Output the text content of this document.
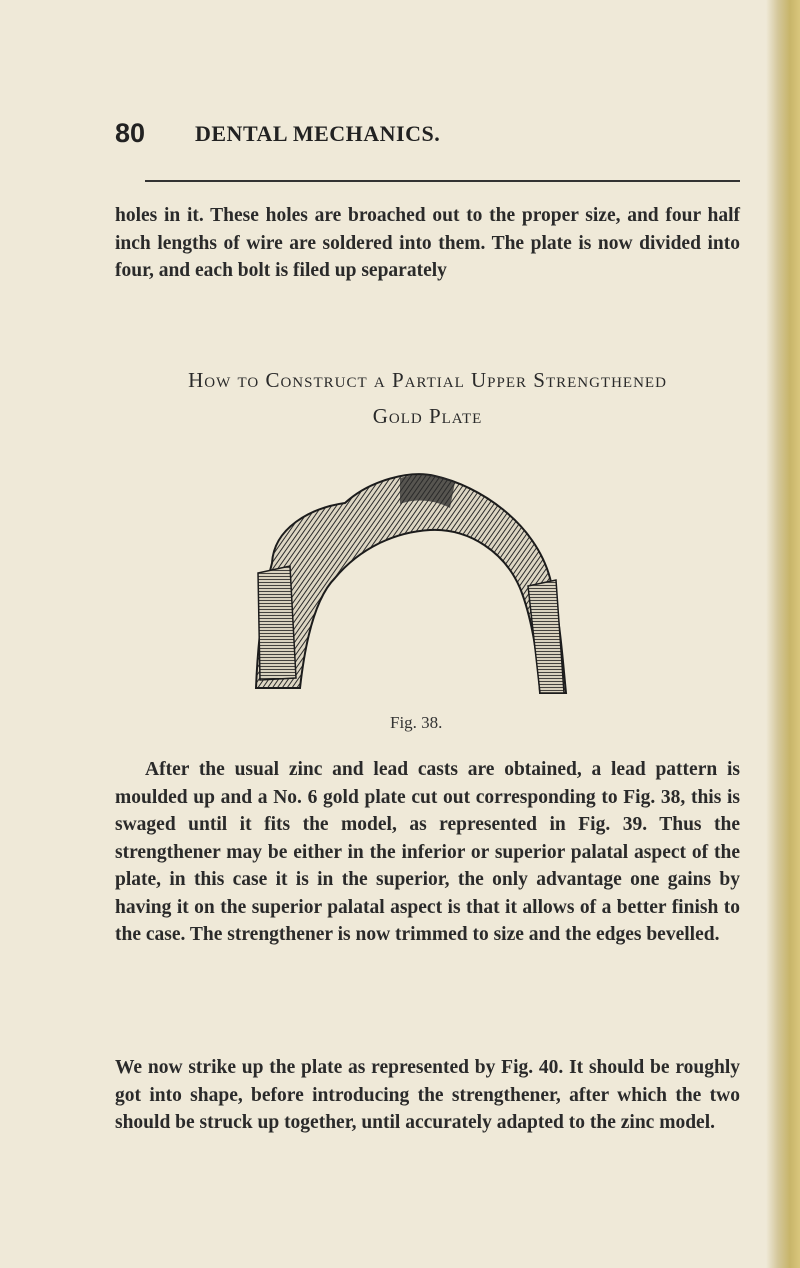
80 DENTAL MECHANICS.
holes in it. These holes are broached out to the proper size, and four half inch lengths of wire are soldered into them. The plate is now divided into four, and each bolt is filed up separately
How to Construct a Partial Upper Strengthened
Gold Plate
Fig. 38.
After the usual zinc and lead casts are obtained, a lead pattern is moulded up and a No. 6 gold plate cut out corresponding to Fig. 38, this is swaged until it fits the model, as represented in Fig. 39. Thus the strengthener may be either in the inferior or superior palatal aspect of the plate, in this case it is in the superior, the only advantage one gains by having it on the superior palatal aspect is that it allows of a better finish to the case. The strengthener is now trimmed to size and the edges bevelled.
We now strike up the plate as represented by Fig. 40. It should be roughly got into shape, before introducing the strengthener, after which the two should be struck up together, until accurately adapted to the zinc model.
